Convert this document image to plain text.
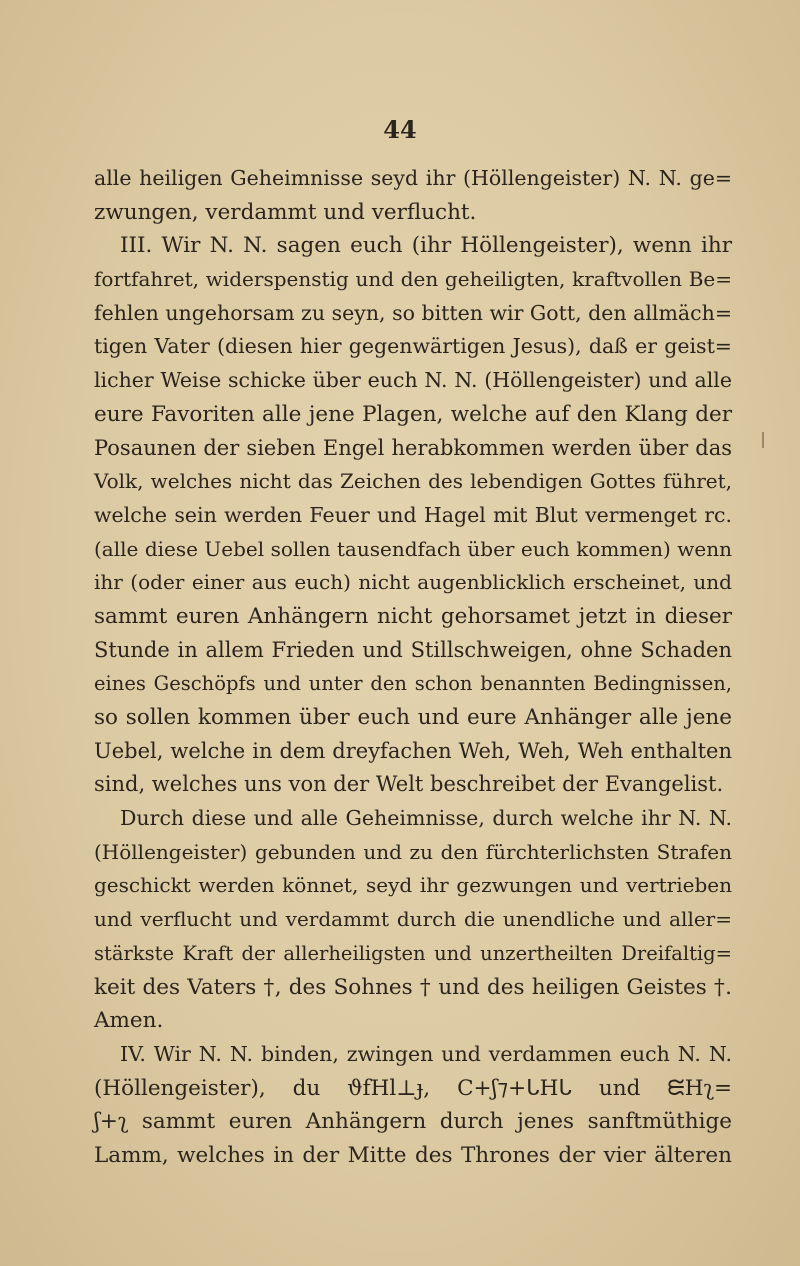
44
alle heiligen Geheimnisse seyd ihr (Höllengeister) N. N. ge=
zwungen, verdammt und verflucht.
III. Wir N. N. sagen euch (ihr Höllengeister), wenn ihr
fortfahret, widerspenstig und den geheiligten, kraftvollen Be=
fehlen ungehorsam zu seyn, so bitten wir Gott, den allmäch=
tigen Vater (diesen hier gegenwärtigen Jesus), daß er geist=
licher Weise schicke über euch N. N. (Höllengeister) und alle
eure Favoriten alle jene Plagen, welche auf den Klang der
Posaunen der sieben Engel herabkommen werden über das
Volk, welches nicht das Zeichen des lebendigen Gottes führet,
welche sein werden Feuer und Hagel mit Blut vermenget rc.
(alle diese Uebel sollen tausendfach über euch kommen) wenn
ihr (oder einer aus euch) nicht augenblicklich erscheinet, und
sammt euren Anhängern nicht gehorsamet jetzt in dieser
Stunde in allem Frieden und Stillschweigen, ohne Schaden
eines Geschöpfs und unter den schon benannten Bedingnissen,
so sollen kommen über euch und eure Anhänger alle jene
Uebel, welche in dem dreyfachen Weh, Weh, Weh enthalten
sind, welches uns von der Welt beschreibet der Evangelist.
Durch diese und alle Geheimnisse, durch welche ihr N. N.
(Höllengeister) gebunden und zu den fürchterlichsten Strafen
geschickt werden könnet, seyd ihr gezwungen und vertrieben
und verflucht und verdammt durch die unendliche und aller=
stärkste Kraft der allerheiligsten und unzertheilten Dreifaltig=
keit des Vaters †, des Sohnes † und des heiligen Geistes †.
Amen.
IV. Wir N. N. binden, zwingen und verdammen euch N. N.
(Höllengeister), du ϑfHⅼ⊥ɟ, Ϲ+ʃ⁊+ᒐHᒐ und ᙓHʅ=
ʃ+ʅ sammt euren Anhängern durch jenes sanftmüthige
Lamm, welches in der Mitte des Thrones der vier älteren
